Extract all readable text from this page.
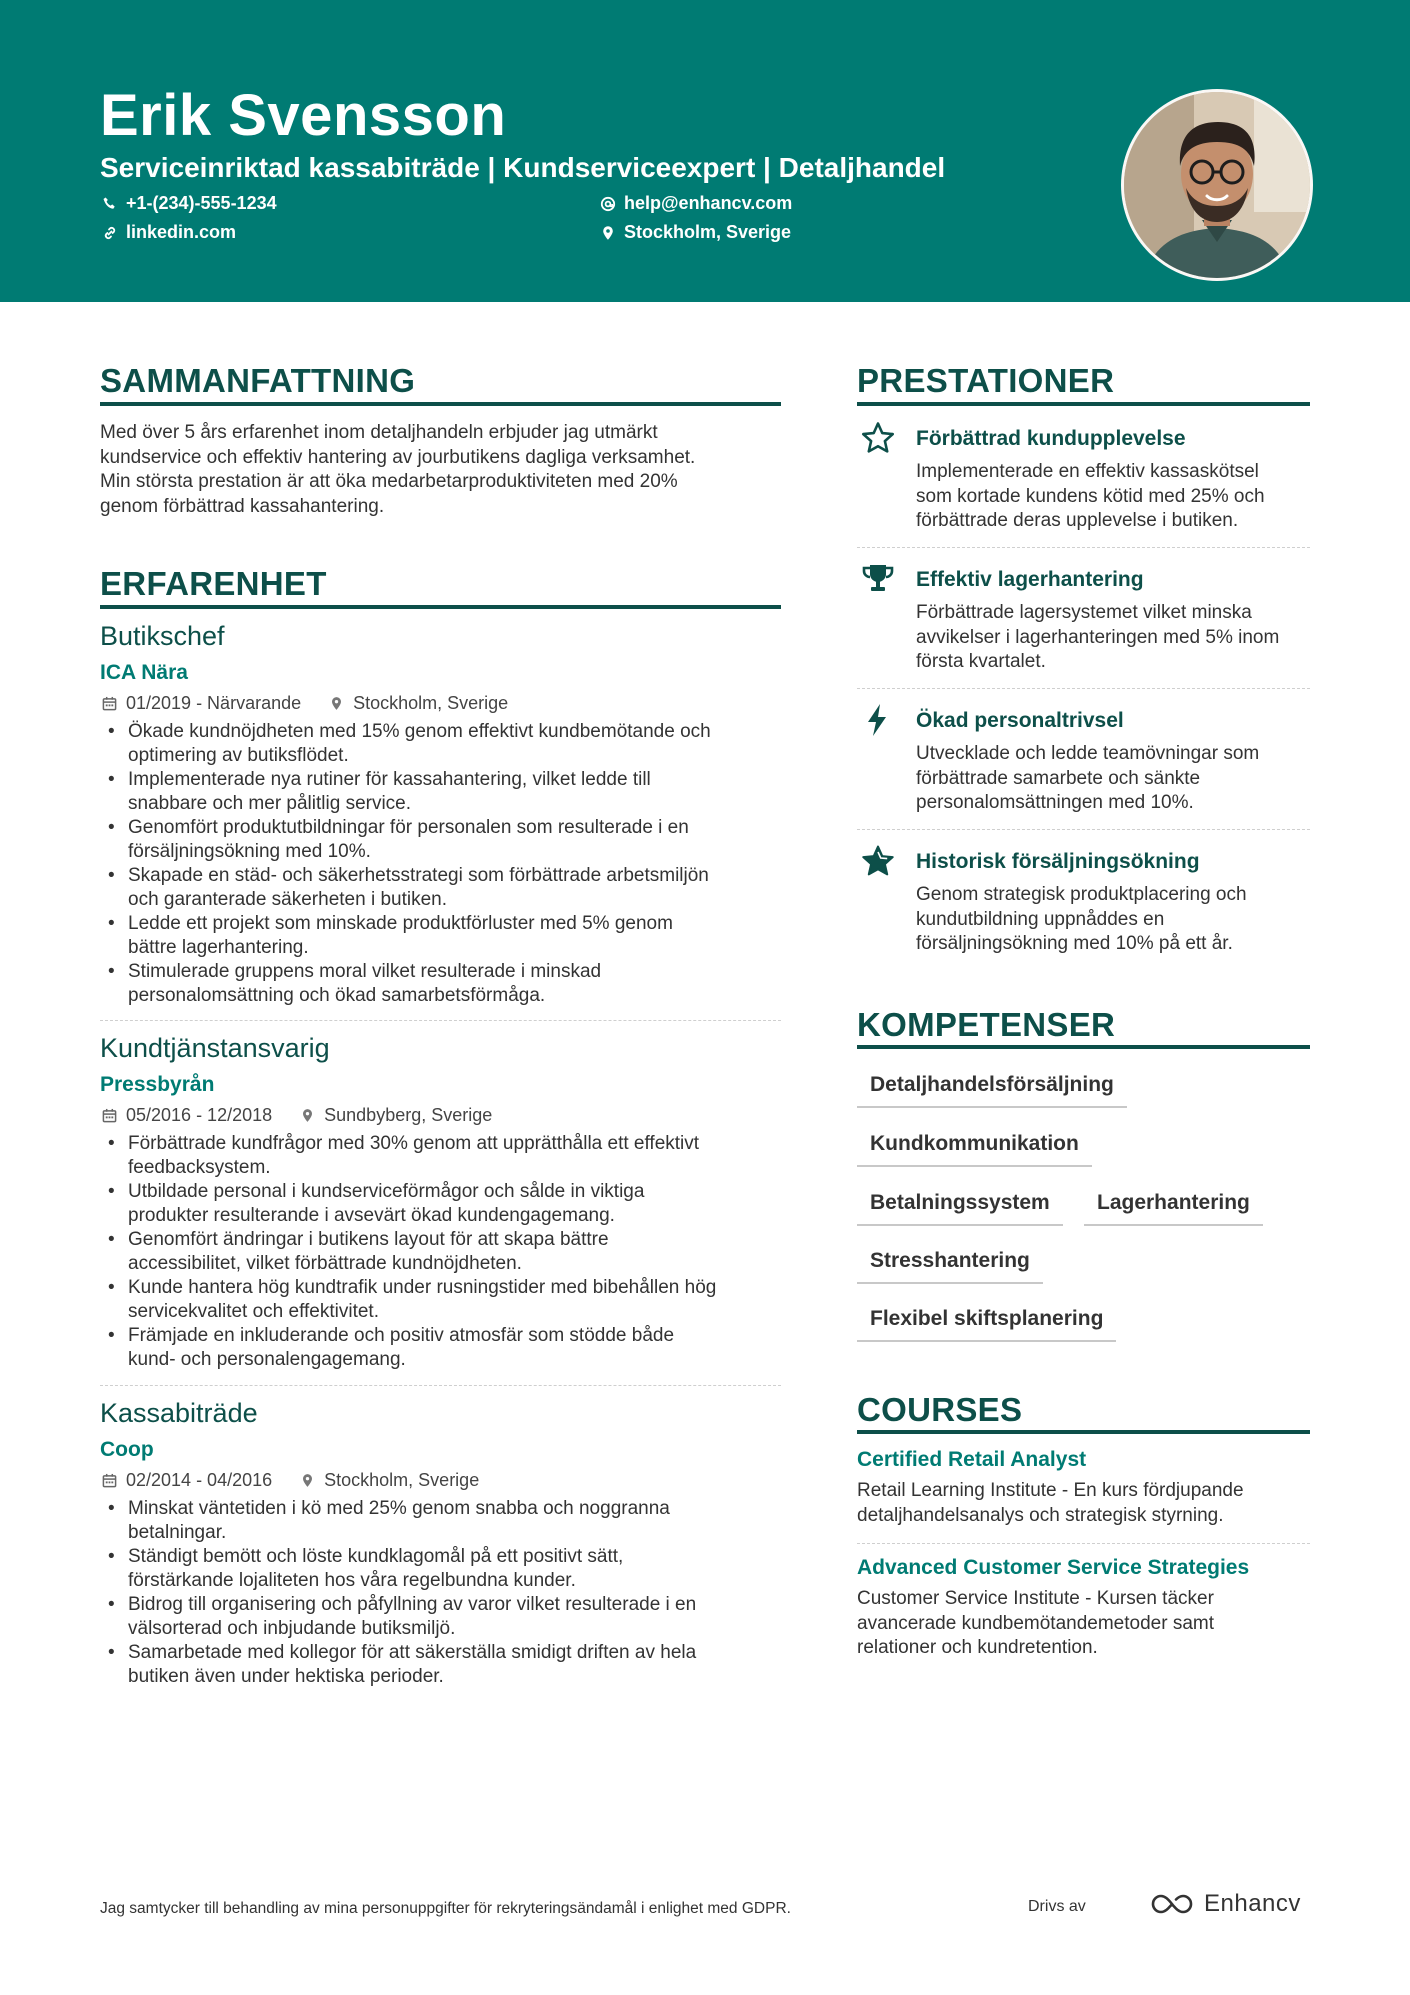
Erik Svensson
Serviceinriktad kassabiträde | Kundserviceexpert | Detaljhandel
+1-(234)-555-1234	help@enhancv.com
linkedin.com	Stockholm, Sverige
SAMMANFATTNING
Med över 5 års erfarenhet inom detaljhandeln erbjuder jag utmärkt
kundservice och effektiv hantering av jourbutikens dagliga verksamhet.
Min största prestation är att öka medarbetarproduktiviteten med 20%
genom förbättrad kassahantering.
ERFARENHET
Butikschef
ICA Nära
01/2019 - Närvarande	Stockholm, Sverige
• Ökade kundnöjdheten med 15% genom effektivt kundbemötande och
optimering av butiksflödet.
• Implementerade nya rutiner för kassahantering, vilket ledde till
snabbare och mer pålitlig service.
• Genomfört produktutbildningar för personalen som resulterade i en
försäljningsökning med 10%.
• Skapade en städ- och säkerhetsstrategi som förbättrade arbetsmiljön
och garanterade säkerheten i butiken.
• Ledde ett projekt som minskade produktförluster med 5% genom
bättre lagerhantering.
• Stimulerade gruppens moral vilket resulterade i minskad
personalomsättning och ökad samarbetsförmåga.
Kundtjänstansvarig
Pressbyrån
05/2016 - 12/2018	Sundbyberg, Sverige
• Förbättrade kundfrågor med 30% genom att upprätthålla ett effektivt
feedbacksystem.
• Utbildade personal i kundserviceförmågor och sålde in viktiga
produkter resulterande i avsevärt ökad kundengagemang.
• Genomfört ändringar i butikens layout för att skapa bättre
accessibilitet, vilket förbättrade kundnöjdheten.
• Kunde hantera hög kundtrafik under rusningstider med bibehållen hög
servicekvalitet och effektivitet.
• Främjade en inkluderande och positiv atmosfär som stödde både
kund- och personalengagemang.
Kassabiträde
Coop
02/2014 - 04/2016	Stockholm, Sverige
• Minskat väntetiden i kö med 25% genom snabba och noggranna
betalningar.
• Ständigt bemött och löste kundklagomål på ett positivt sätt,
förstärkande lojaliteten hos våra regelbundna kunder.
• Bidrog till organisering och påfyllning av varor vilket resulterade i en
välsorterad och inbjudande butiksmiljö.
• Samarbetade med kollegor för att säkerställa smidigt driften av hela
butiken även under hektiska perioder.
PRESTATIONER
Förbättrad kundupplevelse
Implementerade en effektiv kassaskötsel
som kortade kundens kötid med 25% och
förbättrade deras upplevelse i butiken.
Effektiv lagerhantering
Förbättrade lagersystemet vilket minska
avvikelser i lagerhanteringen med 5% inom
första kvartalet.
Ökad personaltrivsel
Utvecklade och ledde teamövningar som
förbättrade samarbete och sänkte
personalomsättningen med 10%.
Historisk försäljningsökning
Genom strategisk produktplacering och
kundutbildning uppnåddes en
försäljningsökning med 10% på ett år.
KOMPETENSER
Detaljhandelsförsäljning
Kundkommunikation
Betalningssystem	Lagerhantering
Stresshantering
Flexibel skiftsplanering
COURSES
Certified Retail Analyst
Retail Learning Institute - En kurs fördjupande
detaljhandelsanalys och strategisk styrning.
Advanced Customer Service Strategies
Customer Service Institute - Kursen täcker
avancerade kundbemötandemetoder samt
relationer och kundretention.
Jag samtycker till behandling av mina personuppgifter för rekryteringsändamål i enlighet med GDPR.	Drivs av	Enhancv
